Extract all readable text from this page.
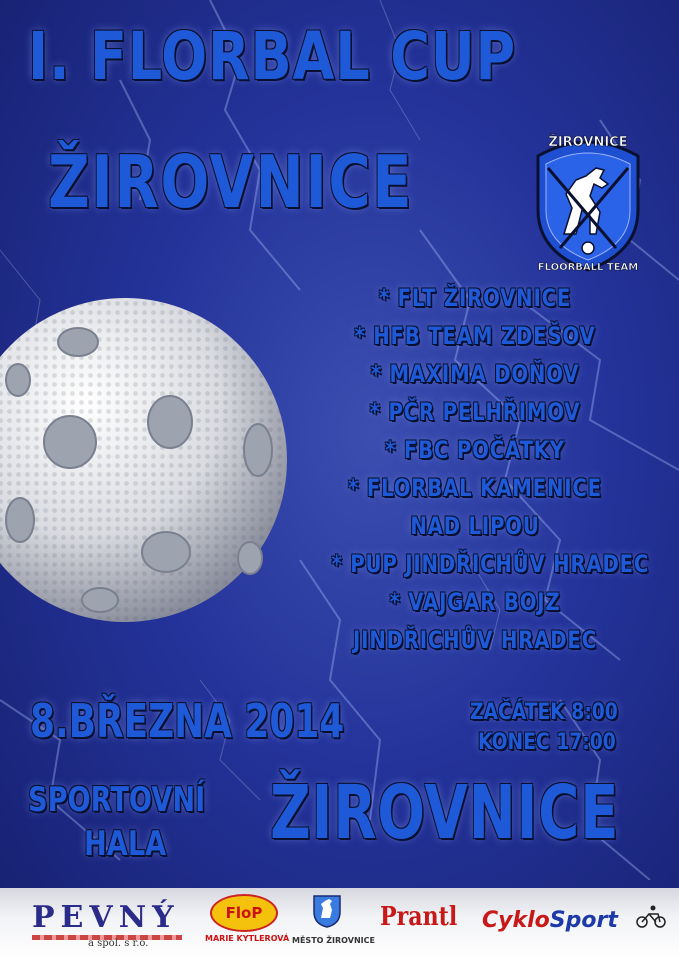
I. FLORBAL CUP
ŽIROVNICE	ŽIROVNICE
FLOORBALL TEAM
* FLT ŽIROVNICE
* HFB TEAM ZDEŠOV
* MAXIMA DOŇOV
* PČR PELHŘIMOV
* FBC POČÁTKY
* FLORBAL KAMENICE
NAD LIPOU
* PUP JINDŘICHŮV HRADEC
* VAJGAR BOJZ
JINDŘICHŮV HRADEC
8.BŘEZNA 2014	ZAČÁTEK 8:00
KONEC 17:00
SPORTOVNÍ
HALA ŽIROVNICE
PEVNÝ
a spol. s r.o.
FloP
MARIE KYTLEROVÁ MĚSTO ŽIROVNICE
Prantl CykloSport
